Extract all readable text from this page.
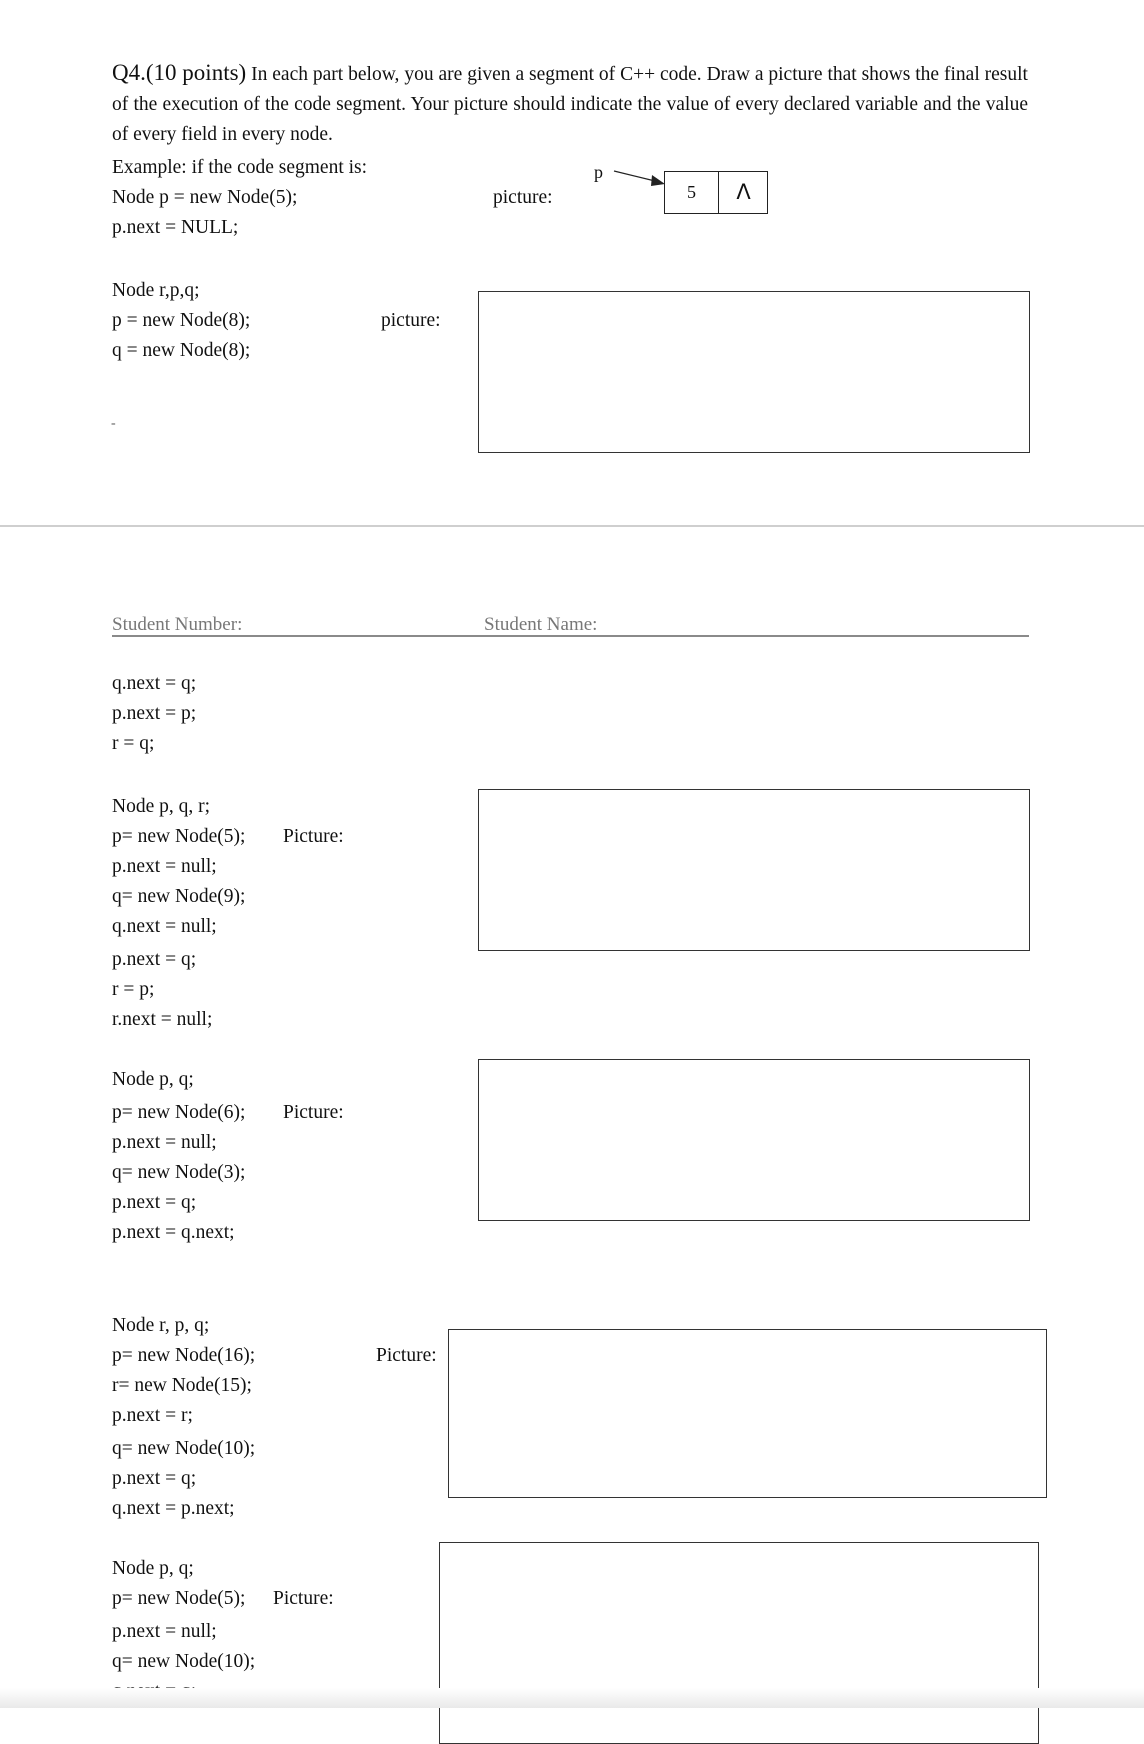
Q4.(10 points) In each part below, you are given a segment of C++ code. Draw a picture that shows the final result of the execution of the code segment. Your picture should indicate the value of every declared variable and the value of every field in every node.
Example: if the code segment is:
Node p = new Node(5);
p.next = NULL;
picture:
p
5	Λ
Node r,p,q;
p = new Node(8);
q = new Node(8);
picture:
-
Student Number:	Student Name:
q.next = q;
p.next = p;
r = q;
Node p, q, r;
p= new Node(5);
p.next = null;
q= new Node(9);
q.next = null;
p.next = q;
r = p;
r.next = null;
Picture:
Node p, q;
p= new Node(6);
p.next = null;
q= new Node(3);
p.next = q;
p.next = q.next;
Picture:
Node r, p, q;
p= new Node(16);
r= new Node(15);
p.next = r;
q= new Node(10);
p.next = q;
q.next = p.next;
Picture:
Node p, q;
p= new Node(5);
p.next = null;
q= new Node(10);
Picture:
